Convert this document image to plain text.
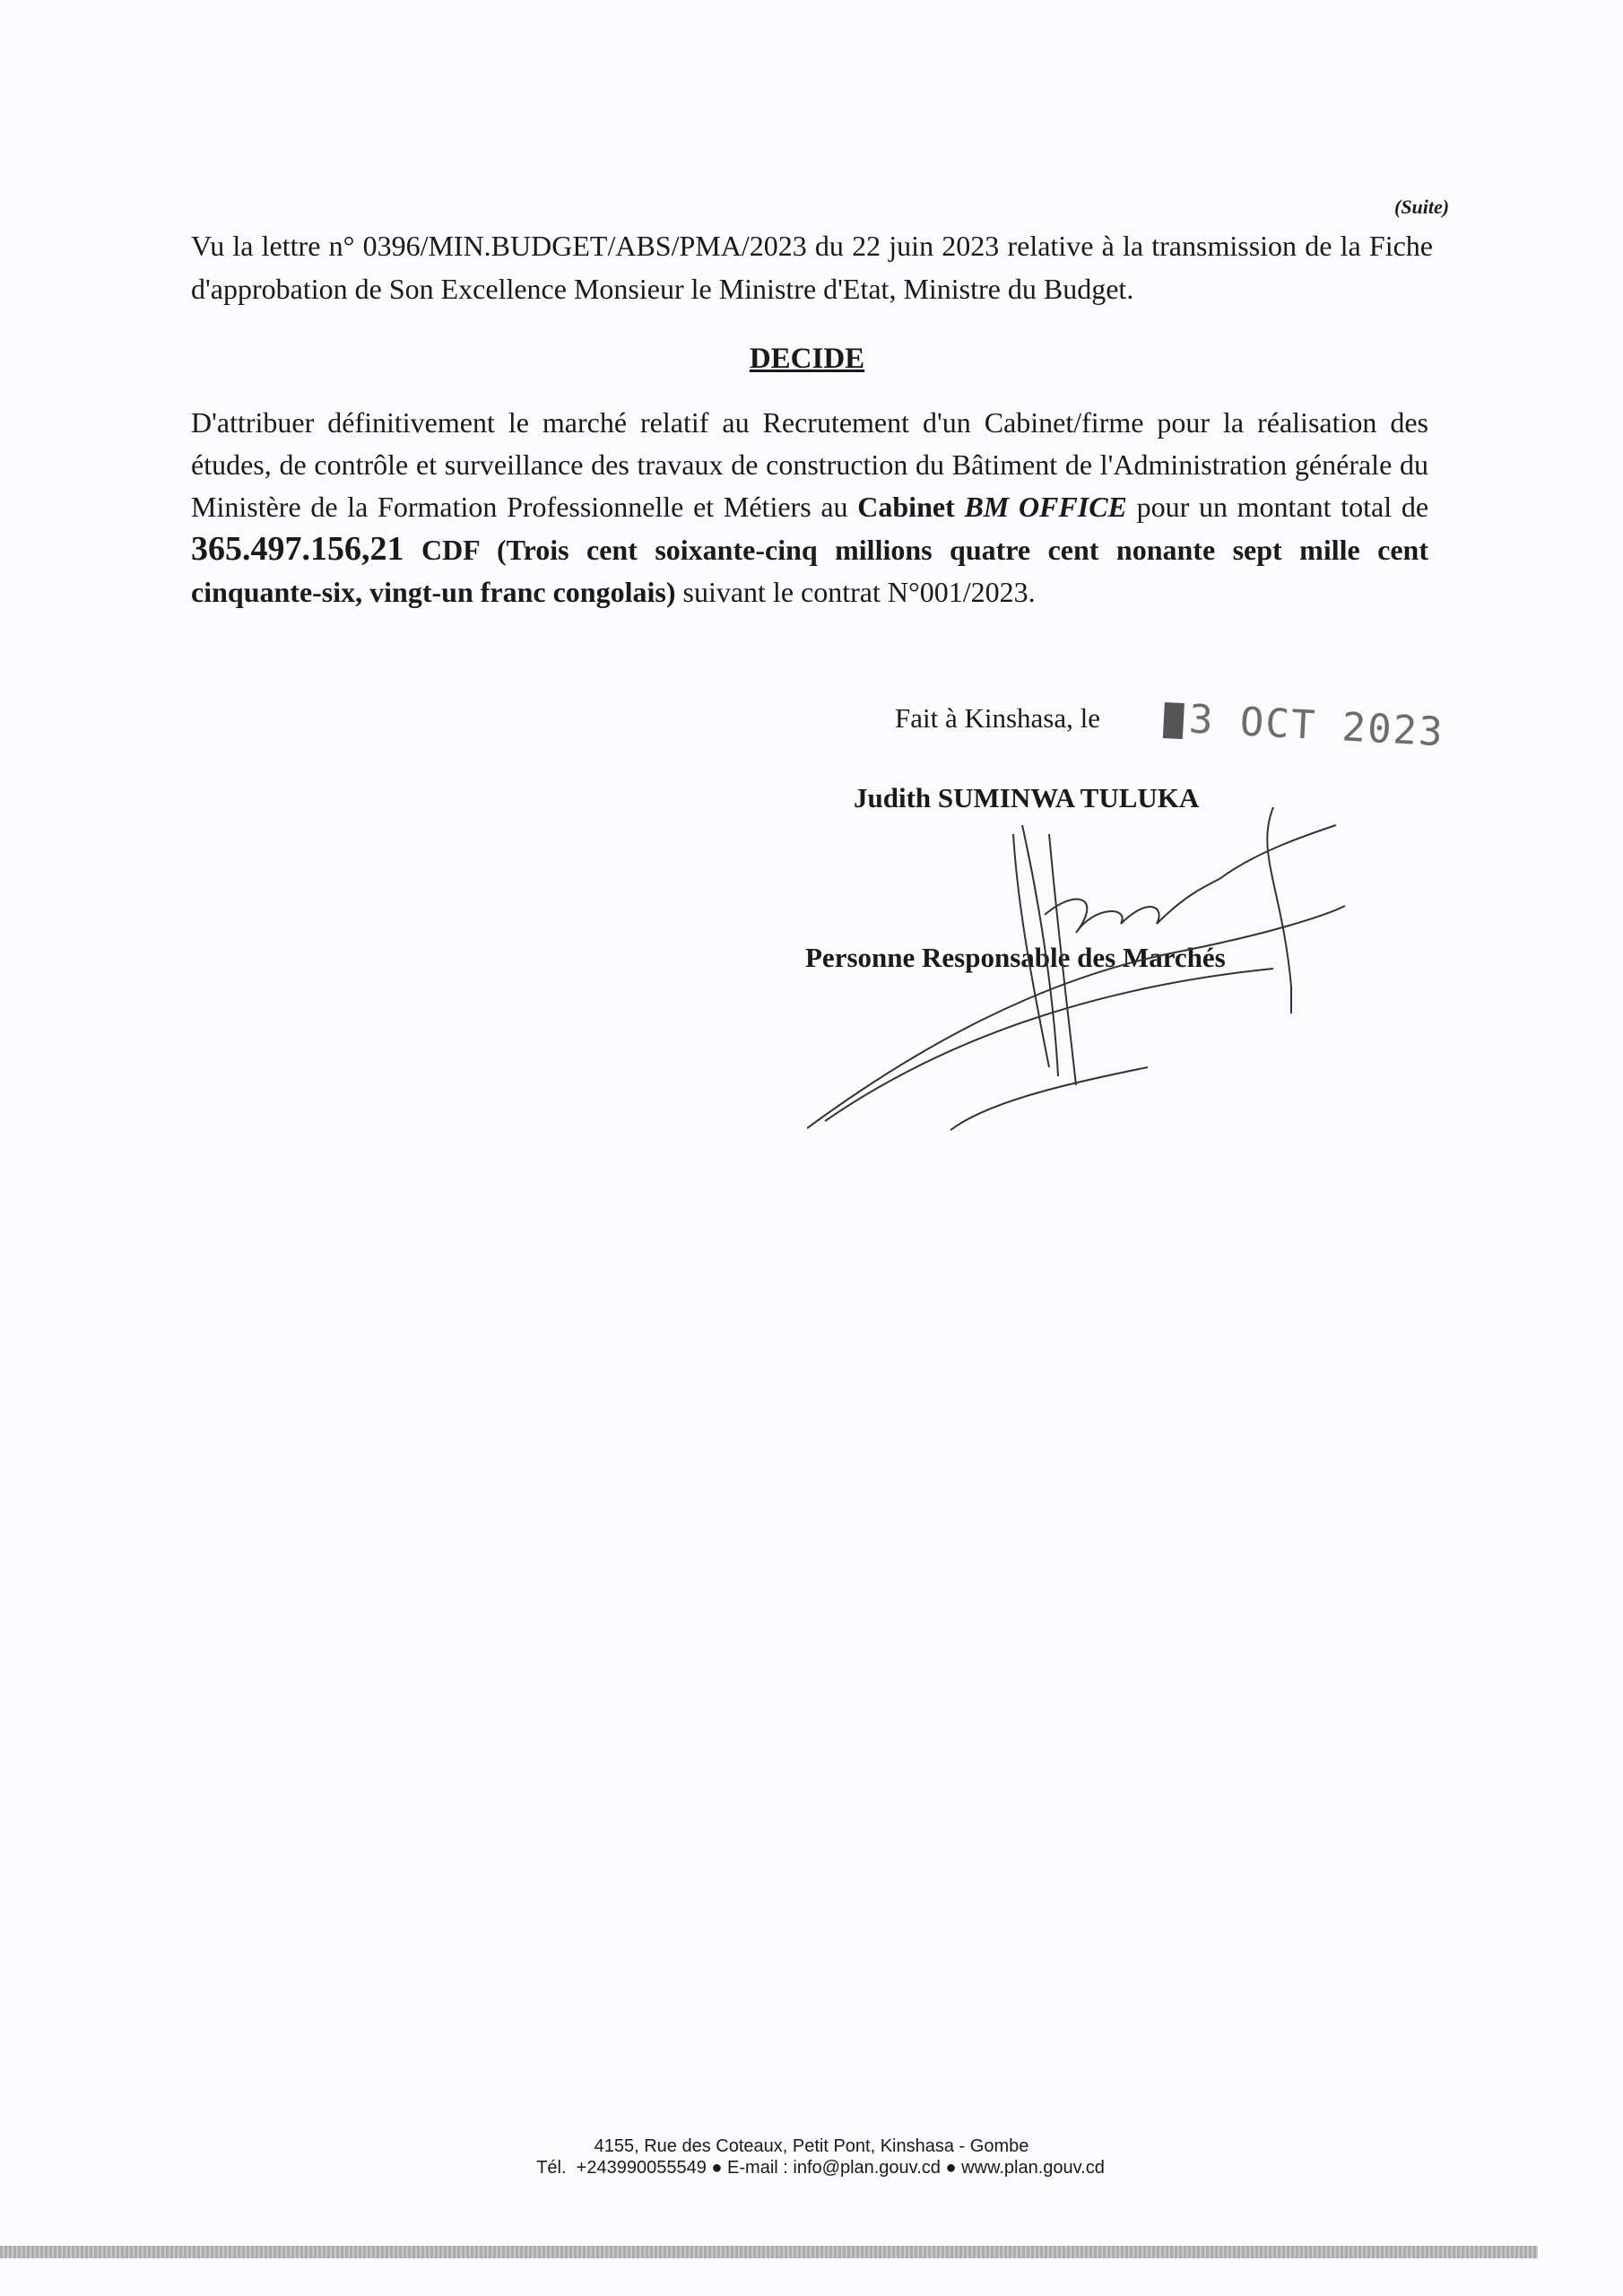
(Suite)
Vu la lettre n° 0396/MIN.BUDGET/ABS/PMA/2023 du 22 juin 2023 relative à la transmission de la Fiche d'approbation de Son Excellence Monsieur le Ministre d'Etat, Ministre du Budget.
DECIDE
D'attribuer définitivement le marché relatif au Recrutement d'un Cabinet/firme pour la réalisation des études, de contrôle et surveillance des travaux de construction du Bâtiment de l'Administration générale du Ministère de la Formation Professionnelle et Métiers au Cabinet BM OFFICE pour un montant total de 365.497.156,21 CDF (Trois cent soixante-cinq millions quatre cent nonante sept mille cent cinquante-six, vingt-un franc congolais) suivant le contrat N°001/2023.
Fait à Kinshasa, le	3 OCT 2023
Judith SUMINWA TULUKA
Personne Responsable des Marchés
4155, Rue des Coteaux, Petit Pont, Kinshasa - Gombe
Tél. +243990055549 ● E-mail : info@plan.gouv.cd ● www.plan.gouv.cd
